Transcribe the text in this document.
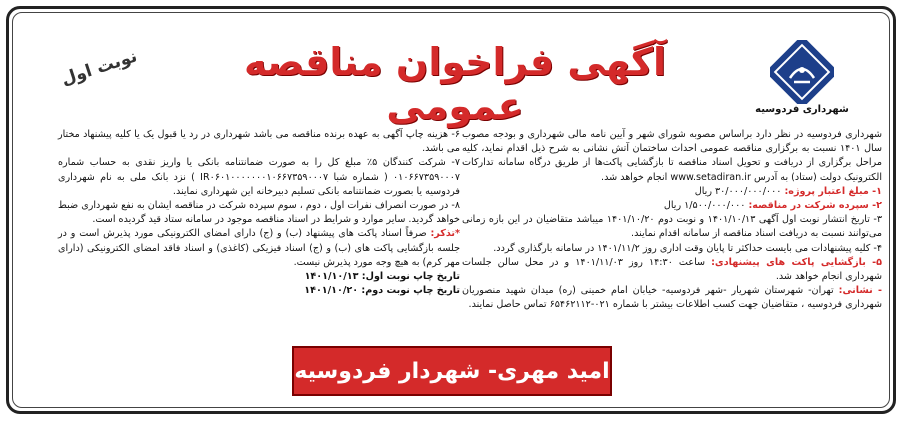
شهرداری فردوسیه
آگهی فراخوان مناقصه عمومی
نوبت اول

شهرداری فردوسیه در نظر دارد براساس مصوبه شورای شهر و آیین نامه مالی شهرداری و بودجه مصوب سال ۱۴۰۱ نسبت به برگزاری مناقصه عمومی احداث ساختمان آتش نشانی به شرح ذیل اقدام نماید، کلیه مراحل برگزاری از دریافت و تحویل اسناد مناقصه تا بازگشایی پاکت‌ها از طریق درگاه سامانه تدارکات الکترونیک دولت (ستاد) به آدرس www.setadiran.ir انجام خواهد شد.

۱- مبلغ اعتبار پروژه: ۳۰/۰۰۰/۰۰۰/۰۰۰ ریال

۲- سپرده شرکت در مناقصه: ۱/۵۰۰/۰۰۰/۰۰۰ ریال

۳- تاریخ انتشار نوبت اول آگهی ۱۴۰۱/۱۰/۱۳ و نوبت دوم ۱۴۰۱/۱۰/۲۰ میباشد متقاضیان در این بازه زمانی می‌توانند نسبت به دریافت اسناد مناقصه از سامانه اقدام نمایند.

۴- کلیه پیشنهادات می بایست حداکثر تا پایان وقت اداری روز ۱۴۰۱/۱۱/۲ در سامانه بارگذاری گردد.

۵- بازگشایی پاکت های پیشنهادی: ساعت ۱۴:۳۰ روز ۱۴۰۱/۱۱/۰۳ و در محل سالن جلسات شهرداری انجام خواهد شد.

- نشانی: تهران- شهرستان شهریار -شهر فردوسیه- خیابان امام خمینی (ره) میدان شهید منصوریان شهرداری فردوسیه ، متقاضیان جهت کسب اطلاعات بیشتر با شماره ۰۲۱-۶۵۴۶۲۱۱۲ تماس حاصل نمایند.

۶- هزینه چاپ آگهی به عهده برنده مناقصه می باشد شهرداری در رد یا قبول یک یا کلیه پیشنهاد مختار می باشد.

۷- شرکت کنندگان ۵٪ مبلغ کل را به صورت ضمانتنامه بانکی یا واریز نقدی به حساب شماره ۰۱۰۶۶۷۳۵۹۰۰۰۷ ( شماره شبا IR۰۶۰۱۰۰۰۰۰۰۰۱۰۶۶۷۳۵۹۰۰۰۷ ) نزد بانک ملی به نام شهرداری فردوسیه یا بصورت ضمانتنامه بانکی تسلیم دبیرخانه این شهرداری نمایند.

۸- در صورت انصراف نفرات اول ، دوم ، سوم سپرده شرکت در مناقصه ایشان به نفع شهرداری ضبط خواهد گردید. سایر موارد و شرایط در اسناد مناقصه موجود در سامانه ستاد قید گردیده است.

*تذکر: صرفاً اسناد پاکت های پیشنهاد (ب) و (ج) دارای امضای الکترونیکی مورد پذیرش است و در جلسه بازگشایی پاکت های (ب) و (ج) اسناد فیزیکی (کاغذی) و اسناد فاقد امضای الکترونیکی (دارای مهر کرم) به هیچ وجه مورد پذیرش نیست.

تاریخ چاپ نوبت اول: ۱۴۰۱/۱۰/۱۳

تاریخ چاپ نوبت دوم: ۱۴۰۱/۱۰/۲۰

امید مهری- شهردار فردوسیه
